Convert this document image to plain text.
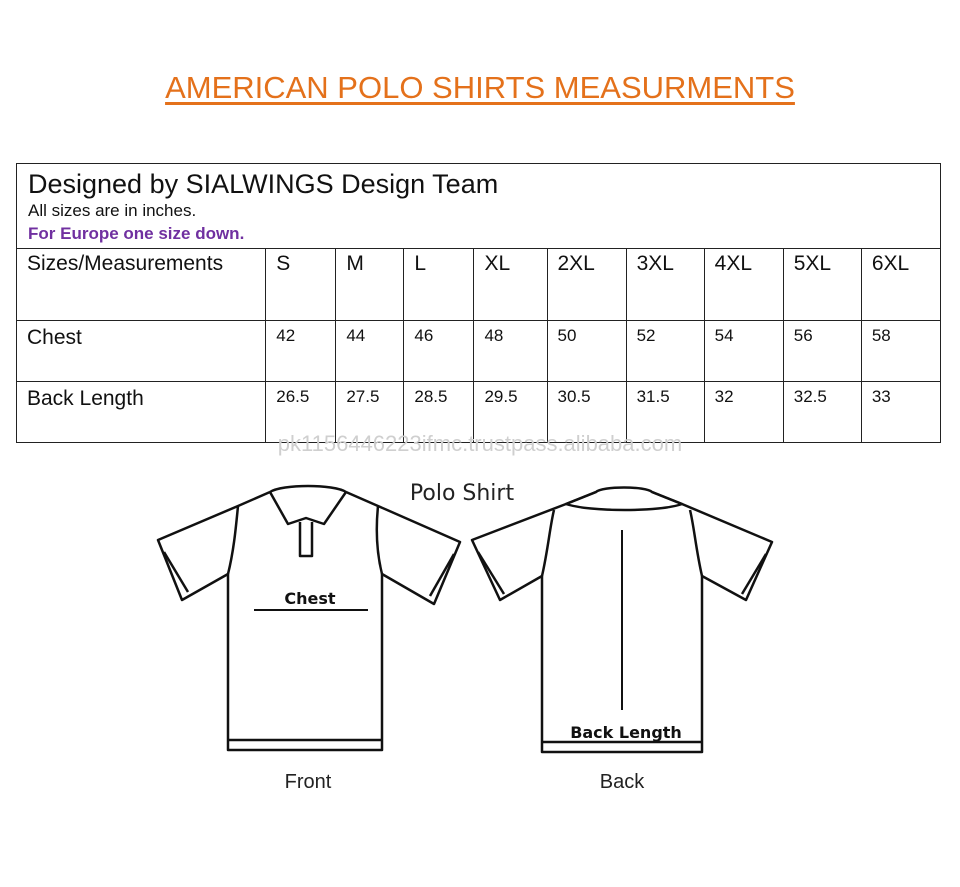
AMERICAN POLO SHIRTS MEASURMENTS
Designed by SIALWINGS Design Team
All sizes are in inches.
For Europe one size down.									

Sizes/Measurements	S	M	L	XL	2XL	3XL	4XL	5XL	6XL
Chest	42	44	46	48	50	52	54	56	58
Back Length	26.5	27.5	28.5	29.5	30.5	31.5	32	32.5	33
pk1156446223ifmc.trustpass.alibaba.com
Polo Shirt
Chest
Back Length
Front	Back
